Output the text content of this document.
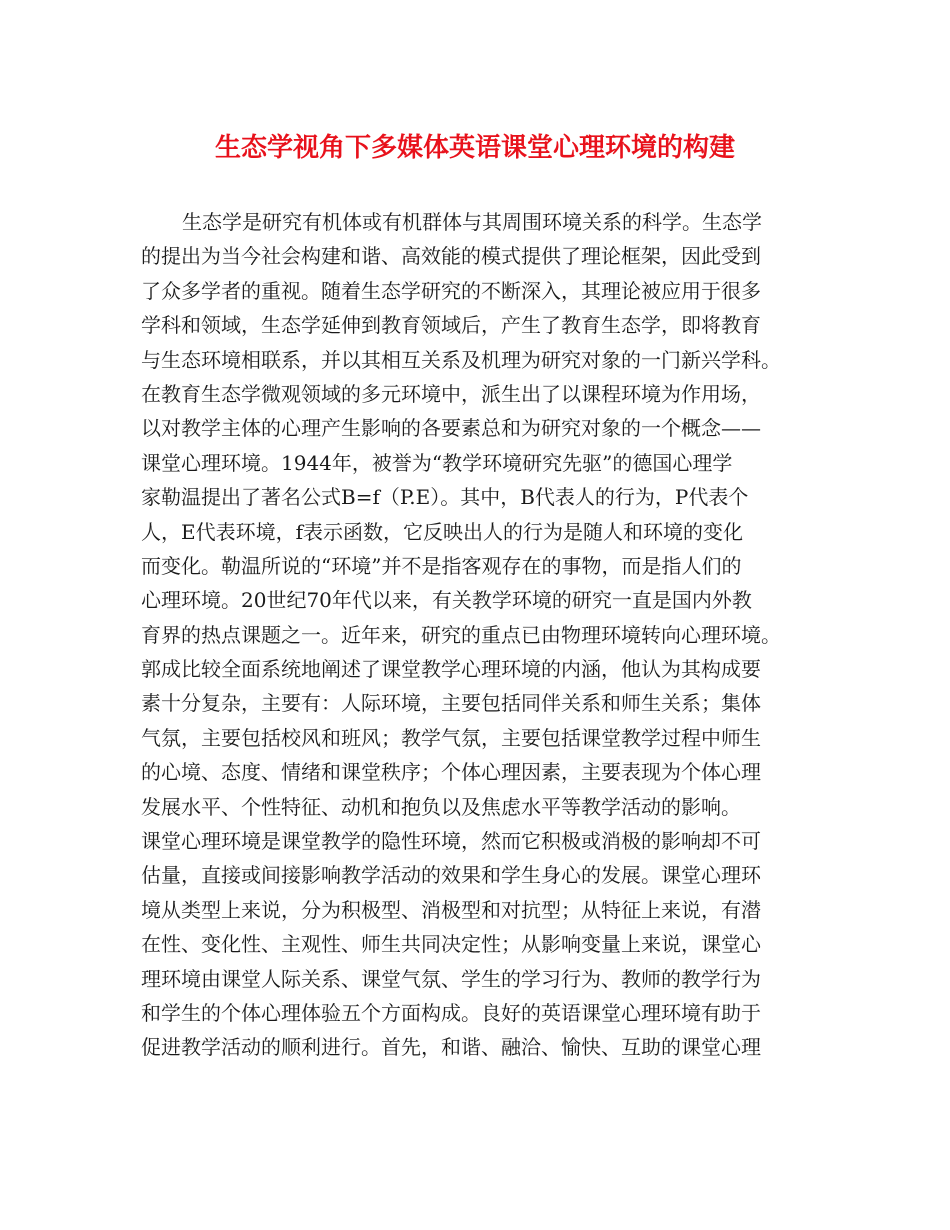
生态学视角下多媒体英语课堂心理环境的构建
生态学是研究有机体或有机群体与其周围环境关系的科学。生态学
的提出为当今社会构建和谐、高效能的模式提供了理论框架，因此受到
了众多学者的重视。随着生态学研究的不断深入，其理论被应用于很多
学科和领域，生态学延伸到教育领域后，产生了教育生态学，即将教育
与生态环境相联系，并以其相互关系及机理为研究对象的一门新兴学科。
在教育生态学微观领域的多元环境中，派生出了以课程环境为作用场，
以对教学主体的心理产生影响的各要素总和为研究对象的一个概念——
课堂心理环境。1944年，被誉为“教学环境研究先驱”的德国心理学
家勒温提出了著名公式B=f（P.E）。其中，B代表人的行为，P代表个
人，E代表环境，f表示函数，它反映出人的行为是随人和环境的变化
而变化。勒温所说的“环境”并不是指客观存在的事物，而是指人们的
心理环境。20世纪70年代以来，有关教学环境的研究一直是国内外教
育界的热点课题之一。近年来，研究的重点已由物理环境转向心理环境。
郭成比较全面系统地阐述了课堂教学心理环境的内涵，他认为其构成要
素十分复杂，主要有：人际环境，主要包括同伴关系和师生关系；集体
气氛，主要包括校风和班风；教学气氛，主要包括课堂教学过程中师生
的心境、态度、情绪和课堂秩序；个体心理因素，主要表现为个体心理
发展水平、个性特征、动机和抱负以及焦虑水平等教学活动的影响。
课堂心理环境是课堂教学的隐性环境，然而它积极或消极的影响却不可
估量，直接或间接影响教学活动的效果和学生身心的发展。课堂心理环
境从类型上来说，分为积极型、消极型和对抗型；从特征上来说，有潜
在性、变化性、主观性、师生共同决定性；从影响变量上来说，课堂心
理环境由课堂人际关系、课堂气氛、学生的学习行为、教师的教学行为
和学生的个体心理体验五个方面构成。良好的英语课堂心理环境有助于
促进教学活动的顺利进行。首先，和谐、融洽、愉快、互助的课堂心理
